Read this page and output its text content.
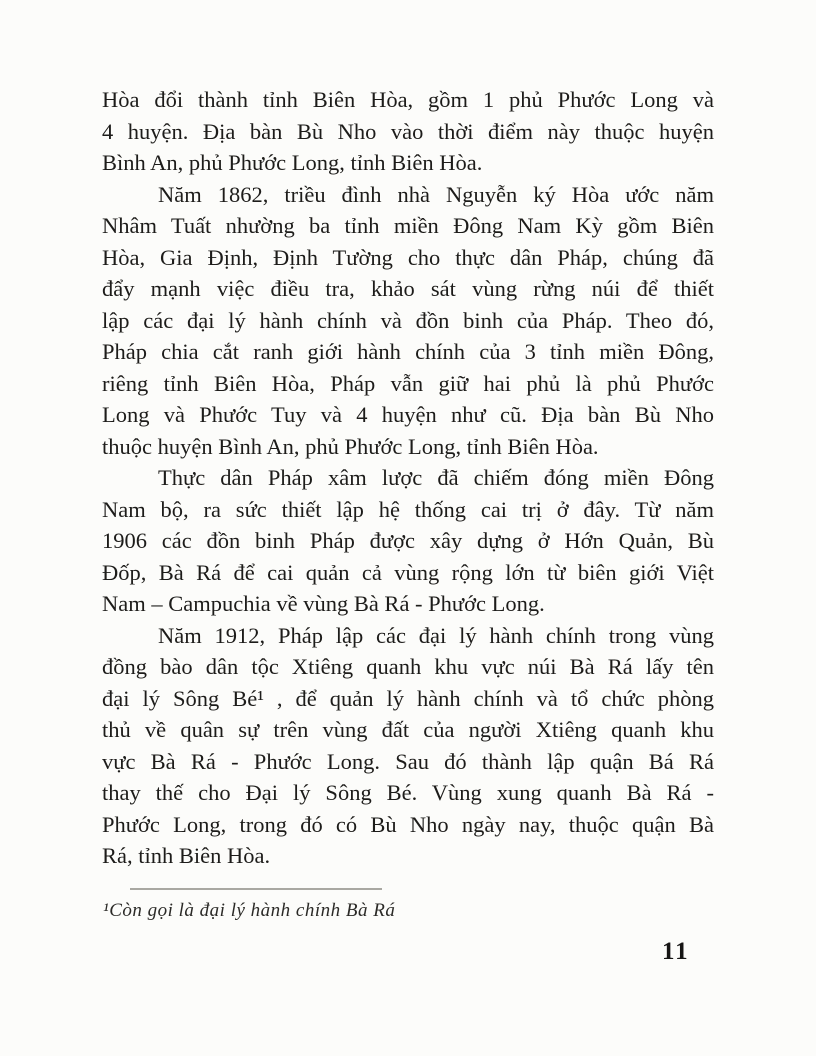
Hòa đổi thành tỉnh Biên Hòa, gồm 1 phủ Phước Long và
4 huyện. Địa bàn Bù Nho vào thời điểm này thuộc huyện
Bình An, phủ Phước Long, tỉnh Biên Hòa.
Năm 1862, triều đình nhà Nguyễn ký Hòa ước năm
Nhâm Tuất nhường ba tỉnh miền Đông Nam Kỳ gồm Biên
Hòa, Gia Định, Định Tường cho thực dân Pháp, chúng đã
đẩy mạnh việc điều tra, khảo sát vùng rừng núi để thiết
lập các đại lý hành chính và đồn binh của Pháp. Theo đó,
Pháp chia cắt ranh giới hành chính của 3 tỉnh miền Đông,
riêng tỉnh Biên Hòa, Pháp vẫn giữ hai phủ là phủ Phước
Long và Phước Tuy và 4 huyện như cũ. Địa bàn Bù Nho
thuộc huyện Bình An, phủ Phước Long, tỉnh Biên Hòa.
Thực dân Pháp xâm lược đã chiếm đóng miền Đông
Nam bộ, ra sức thiết lập hệ thống cai trị ở đây. Từ năm
1906 các đồn binh Pháp được xây dựng ở Hớn Quản, Bù
Đốp, Bà Rá để cai quản cả vùng rộng lớn từ biên giới Việt
Nam – Campuchia về vùng Bà Rá - Phước Long.
Năm 1912, Pháp lập các đại lý hành chính trong vùng
đồng bào dân tộc Xtiêng quanh khu vực núi Bà Rá lấy tên
đại lý Sông Bé¹ , để quản lý hành chính và tổ chức phòng
thủ về quân sự trên vùng đất của người Xtiêng quanh khu
vực Bà Rá - Phước Long. Sau đó thành lập quận Bá Rá
thay thế cho Đại lý Sông Bé. Vùng xung quanh Bà Rá -
Phước Long, trong đó có Bù Nho ngày nay, thuộc quận Bà
Rá, tỉnh Biên Hòa.
¹Còn gọi là đại lý hành chính Bà Rá
11
